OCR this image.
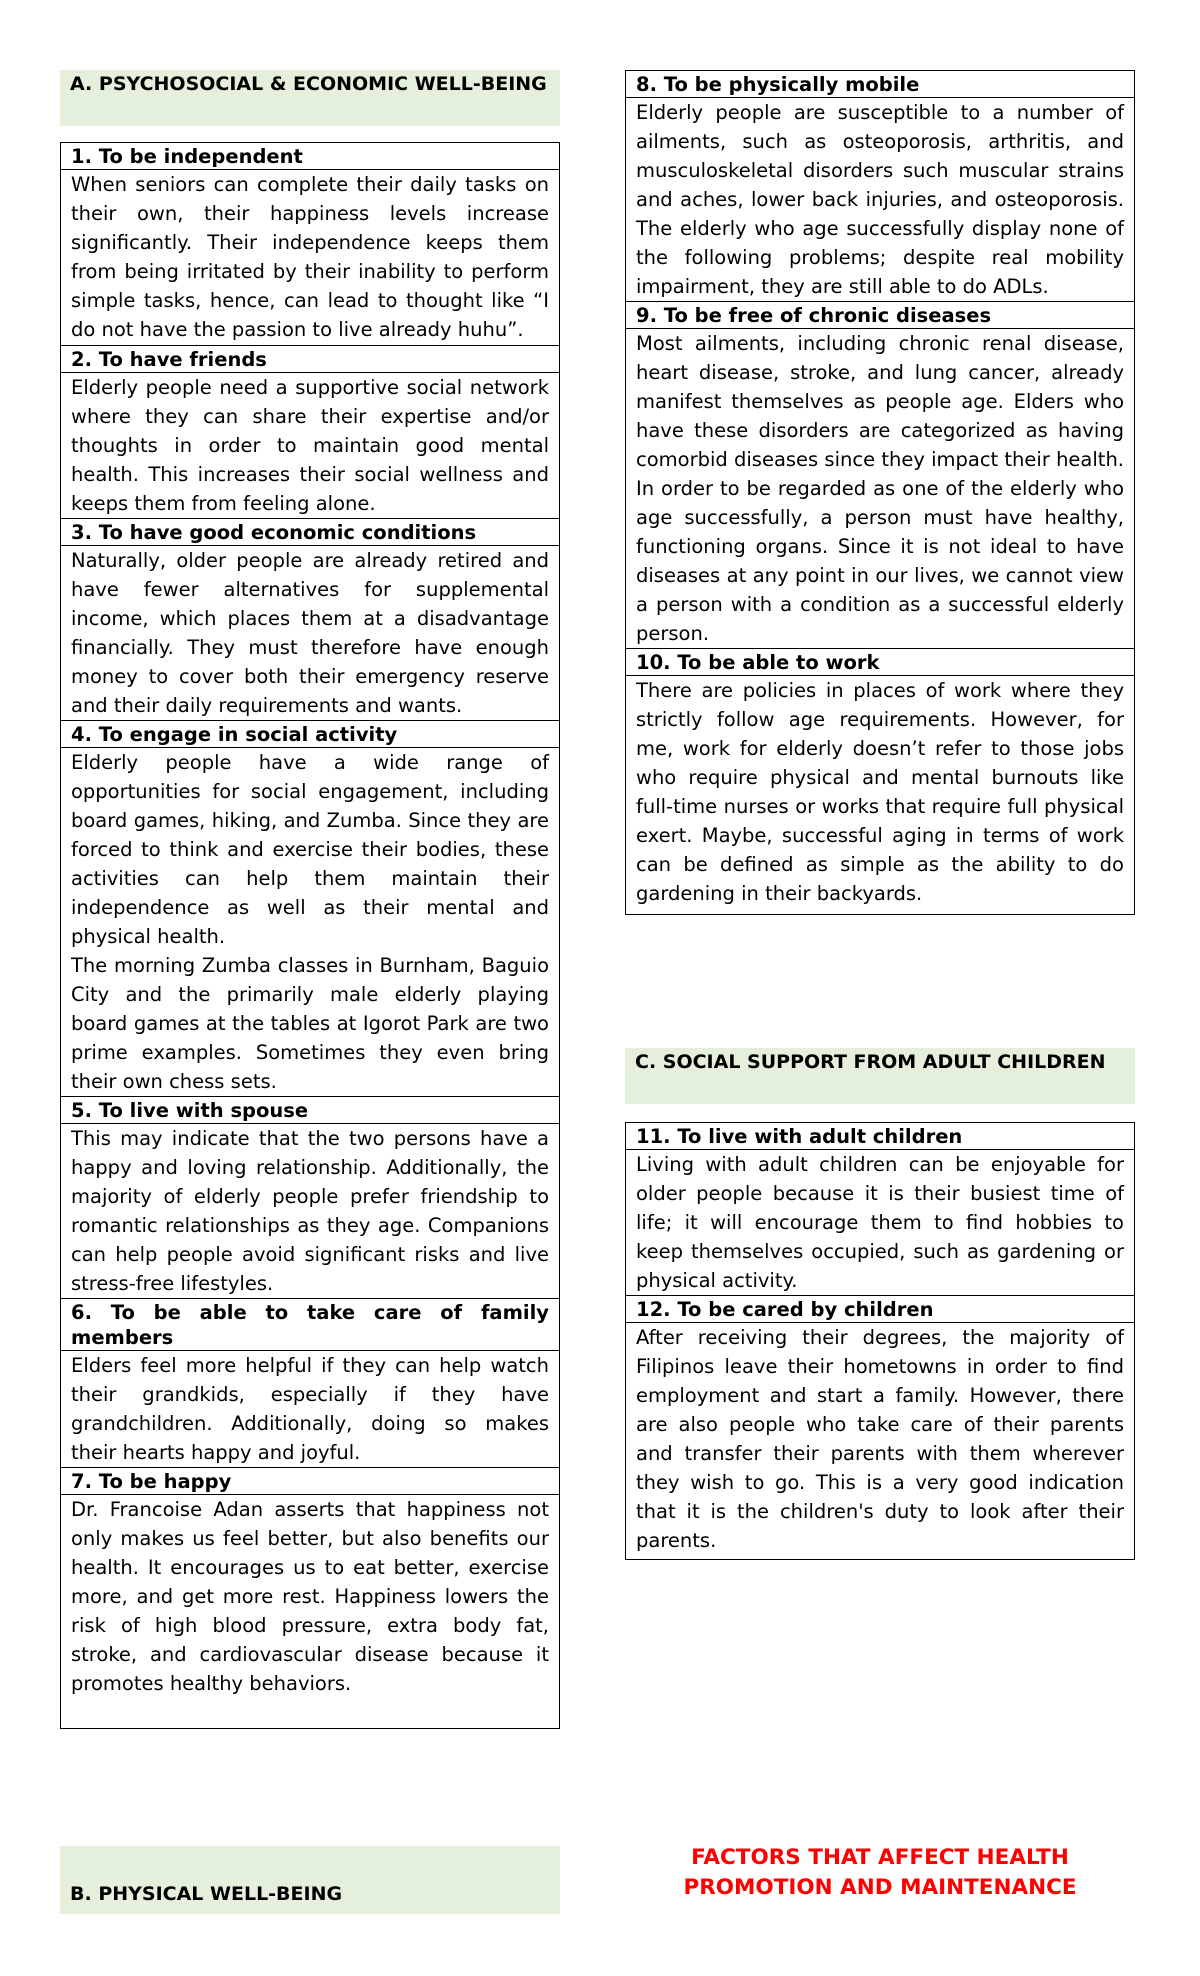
A. PSYCHOSOCIAL & ECONOMIC WELL-BEING
1. To be independent

When seniors can complete their daily tasks on their own, their happiness levels increase significantly. Their independence keeps them from being irritated by their inability to perform simple tasks, hence, can lead to thought like “I do not have the passion to live already huhu”.

2. To have friends

Elderly people need a supportive social network where they can share their expertise and/or thoughts in order to maintain good mental health. This increases their social wellness and keeps them from feeling alone.

3. To have good economic conditions

Naturally, older people are already retired and have fewer alternatives for supplemental income, which places them at a disadvantage financially. They must therefore have enough money to cover both their emergency reserve and their daily requirements and wants.

4. To engage in social activity

Elderly people have a wide range of opportunities for social engagement, including board games, hiking, and Zumba. Since they are forced to think and exercise their bodies, these activities can help them maintain their independence as well as their mental and physical health.

The morning Zumba classes in Burnham, Baguio City and the primarily male elderly playing board games at the tables at Igorot Park are two prime examples. Sometimes they even bring their own chess sets.

5. To live with spouse

This may indicate that the two persons have a happy and loving relationship. Additionally, the majority of elderly people prefer friendship to romantic relationships as they age. Companions can help people avoid significant risks and live stress-free lifestyles.

6. To be able to take care of family members

Elders feel more helpful if they can help watch their grandkids, especially if they have grandchildren. Additionally, doing so makes their hearts happy and joyful.

7. To be happy

Dr. Francoise Adan asserts that happiness not only makes us feel better, but also benefits our health. It encourages us to eat better, exercise more, and get more rest. Happiness lowers the risk of high blood pressure, extra body fat, stroke, and cardiovascular disease because it promotes healthy behaviors.

B. PHYSICAL WELL-BEING
8. To be physically mobile

Elderly people are susceptible to a number of ailments, such as osteoporosis, arthritis, and musculoskeletal disorders such muscular strains and aches, lower back injuries, and osteoporosis. The elderly who age successfully display none of the following problems; despite real mobility impairment, they are still able to do ADLs.

9. To be free of chronic diseases

Most ailments, including chronic renal disease, heart disease, stroke, and lung cancer, already manifest themselves as people age. Elders who have these disorders are categorized as having comorbid diseases since they impact their health. In order to be regarded as one of the elderly who age successfully, a person must have healthy, functioning organs. Since it is not ideal to have diseases at any point in our lives, we cannot view a person with a condition as a successful elderly person.

10. To be able to work

There are policies in places of work where they strictly follow age requirements. However, for me, work for elderly doesn’t refer to those jobs who require physical and mental burnouts like full-time nurses or works that require full physical exert. Maybe, successful aging in terms of work can be defined as simple as the ability to do gardening in their backyards.

C. SOCIAL SUPPORT FROM ADULT CHILDREN
11. To live with adult children

Living with adult children can be enjoyable for older people because it is their busiest time of life; it will encourage them to find hobbies to keep themselves occupied, such as gardening or physical activity.

12. To be cared by children

After receiving their degrees, the majority of Filipinos leave their hometowns in order to find employment and start a family. However, there are also people who take care of their parents and transfer their parents with them wherever they wish to go. This is a very good indication that it is the children's duty to look after their parents.

FACTORS THAT AFFECT HEALTH
PROMOTION AND MAINTENANCE
